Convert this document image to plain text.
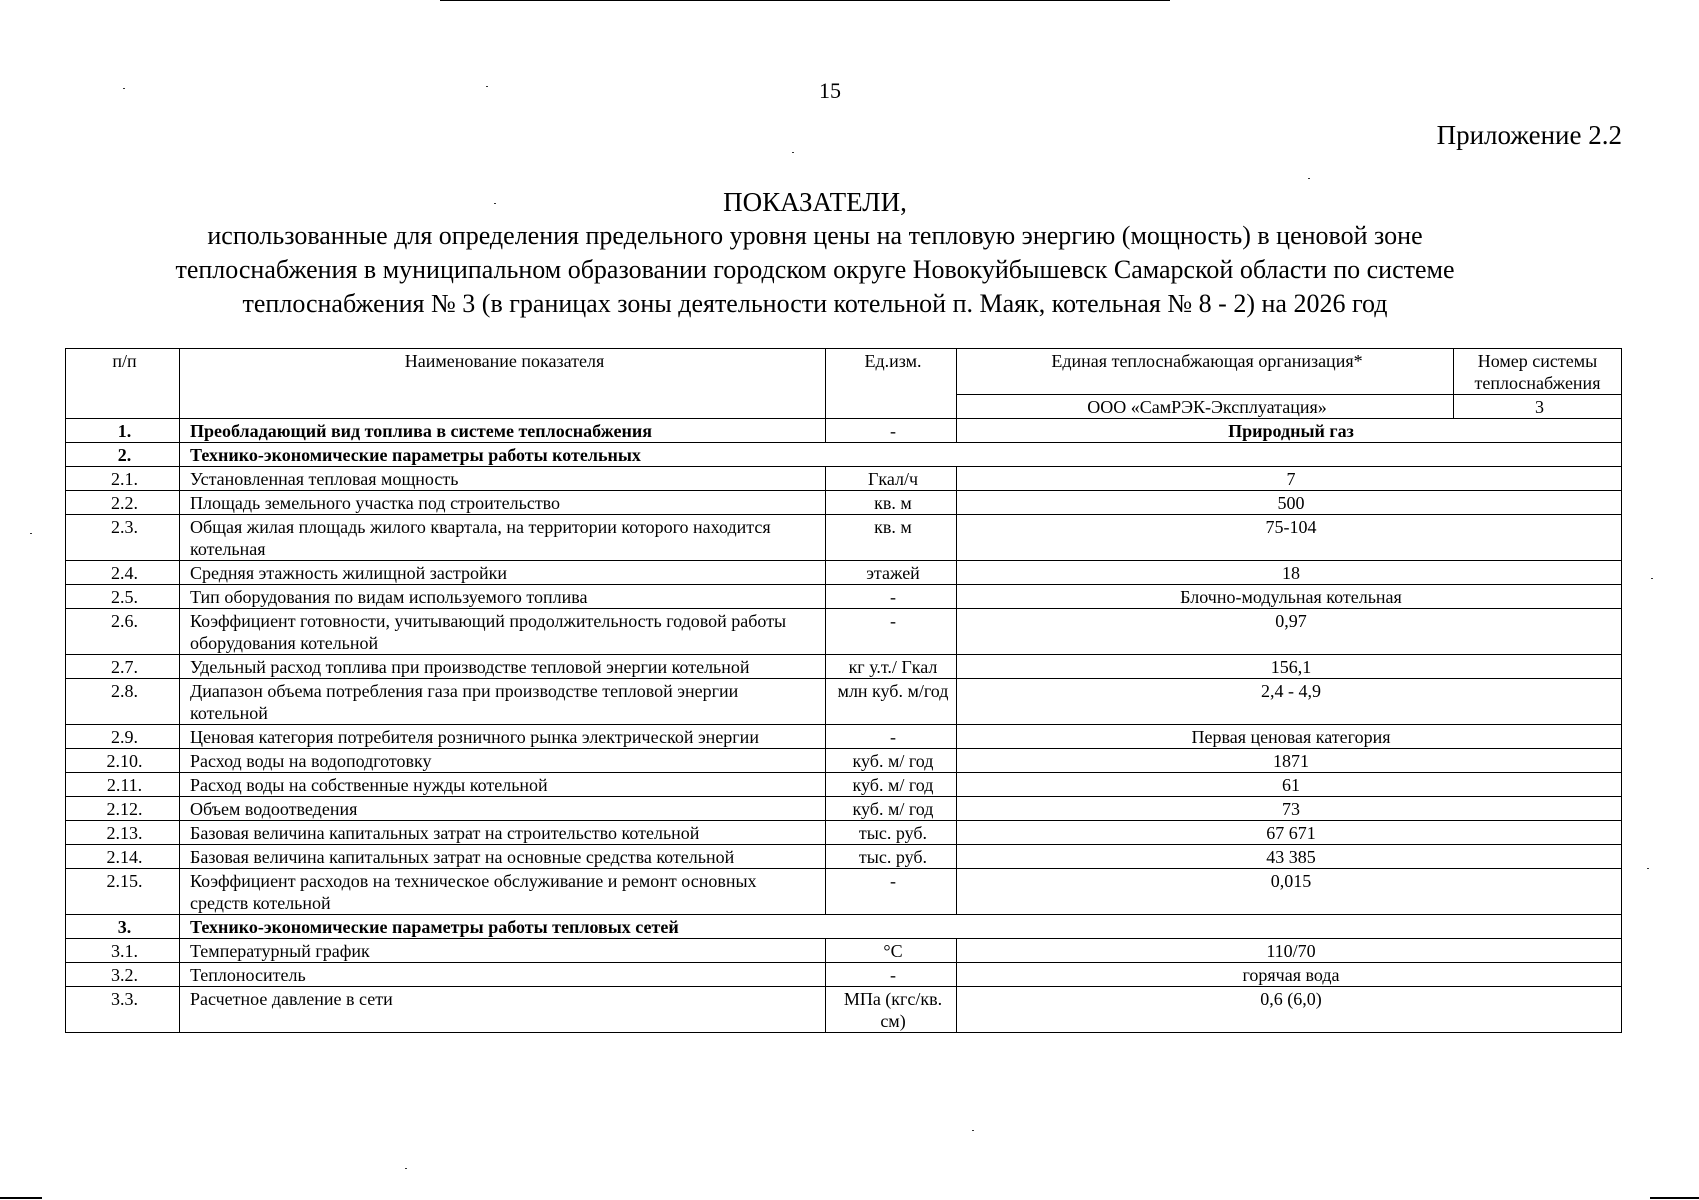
15
Приложение 2.2
ПОКАЗАТЕЛИ,
использованные для определения предельного уровня цены на тепловую энергию (мощность) в ценовой зоне
теплоснабжения в муниципальном образовании городском округе Новокуйбышевск Самарской области по системе
теплоснабжения № 3 (в границах зоны деятельности котельной п. Маяк, котельная № 8 - 2) на 2026 год
п/п	Наименование показателя	Ед.изм.	Единая теплоснабжающая организация*	Номер системы теплоснабжения
			ООО «СамРЭК-Эксплуатация»	3
1.	Преобладающий вид топлива в системе теплоснабжения	-	Природный газ	
2.	Технико-экономические параметры работы котельных			
2.1.	Установленная тепловая мощность	Гкал/ч	7	
2.2.	Площадь земельного участка под строительство	кв. м	500	
2.3.	Общая жилая площадь жилого квартала, на территории которого находится котельная	кв. м	75-104	
2.4.	Средняя этажность жилищной застройки	этажей	18	
2.5.	Тип оборудования по видам используемого топлива	-	Блочно-модульная котельная	
2.6.	Коэффициент готовности, учитывающий продолжительность годовой работы оборудования котельной	-	0,97	
2.7.	Удельный расход топлива при производстве тепловой энергии котельной	кг у.т./ Гкал	156,1	
2.8.	Диапазон объема потребления газа при производстве тепловой энергии котельной	млн куб. м/год	2,4 - 4,9	
2.9.	Ценовая категория потребителя розничного рынка электрической энергии	-	Первая ценовая категория	
2.10.	Расход воды на водоподготовку	куб. м/ год	1871	
2.11.	Расход воды на собственные нужды котельной	куб. м/ год	61	
2.12.	Объем водоотведения	куб. м/ год	73	
2.13.	Базовая величина капитальных затрат на строительство котельной	тыс. руб.	67 671	
2.14.	Базовая величина капитальных затрат на основные средства котельной	тыс. руб.	43 385	
2.15.	Коэффициент расходов на техническое обслуживание и ремонт основных средств котельной	-	0,015	
3.	Технико-экономические параметры работы тепловых сетей			
3.1.	Температурный график	°С	110/70	
3.2.	Теплоноситель	-	горячая вода	
3.3.	Расчетное давление в сети	МПа (кгс/кв. см)	0,6 (6,0)	
